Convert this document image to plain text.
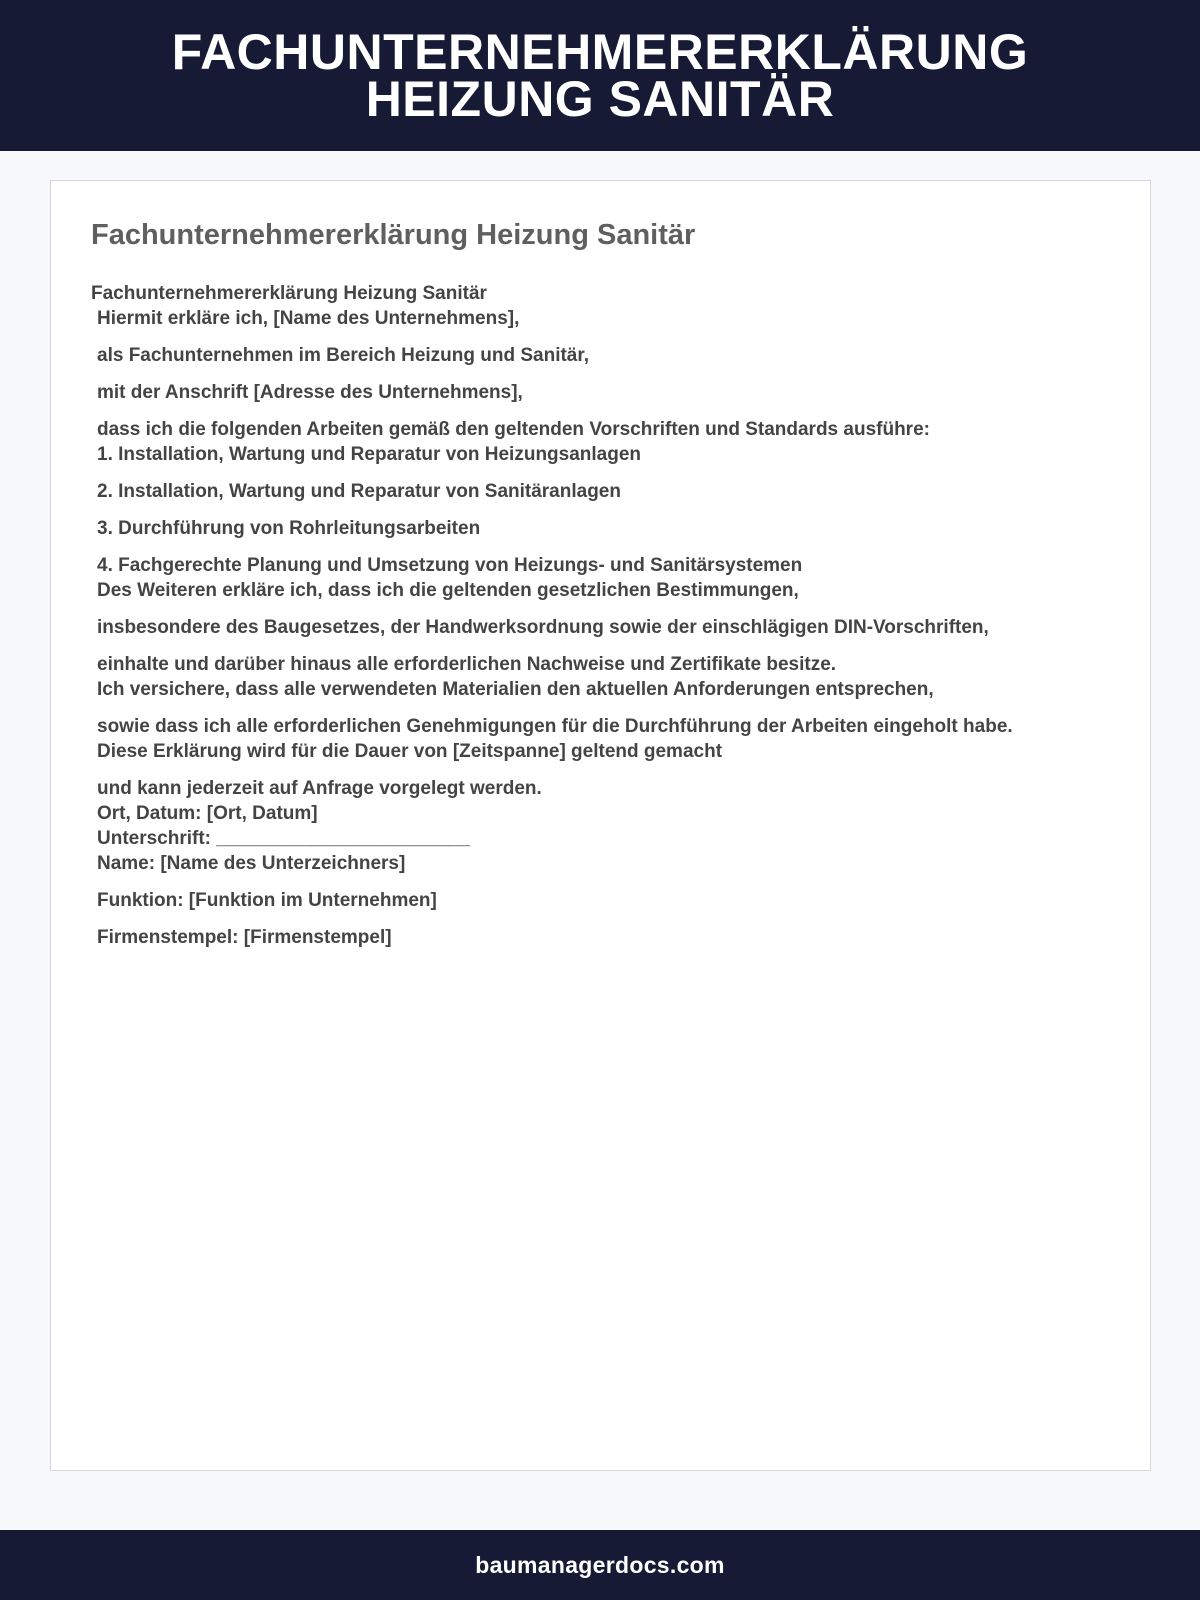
FACHUNTERNEHMERERKLÄRUNG
HEIZUNG SANITÄR
Fachunternehmererklärung Heizung Sanitär
Fachunternehmererklärung Heizung Sanitär
Hiermit erkläre ich, [Name des Unternehmens],
als Fachunternehmen im Bereich Heizung und Sanitär,
mit der Anschrift [Adresse des Unternehmens],
dass ich die folgenden Arbeiten gemäß den geltenden Vorschriften und Standards ausführe:
1. Installation, Wartung und Reparatur von Heizungsanlagen
2. Installation, Wartung und Reparatur von Sanitäranlagen
3. Durchführung von Rohrleitungsarbeiten
4. Fachgerechte Planung und Umsetzung von Heizungs- und Sanitärsystemen
Des Weiteren erkläre ich, dass ich die geltenden gesetzlichen Bestimmungen,
insbesondere des Baugesetzes, der Handwerksordnung sowie der einschlägigen DIN-Vorschriften,
einhalte und darüber hinaus alle erforderlichen Nachweise und Zertifikate besitze.
Ich versichere, dass alle verwendeten Materialien den aktuellen Anforderungen entsprechen,
sowie dass ich alle erforderlichen Genehmigungen für die Durchführung der Arbeiten eingeholt habe.
Diese Erklärung wird für die Dauer von [Zeitspanne] geltend gemacht
und kann jederzeit auf Anfrage vorgelegt werden.
Ort, Datum: [Ort, Datum]
Unterschrift: ________________________
Name: [Name des Unterzeichners]
Funktion: [Funktion im Unternehmen]
Firmenstempel: [Firmenstempel]
baumanagerdocs.com
